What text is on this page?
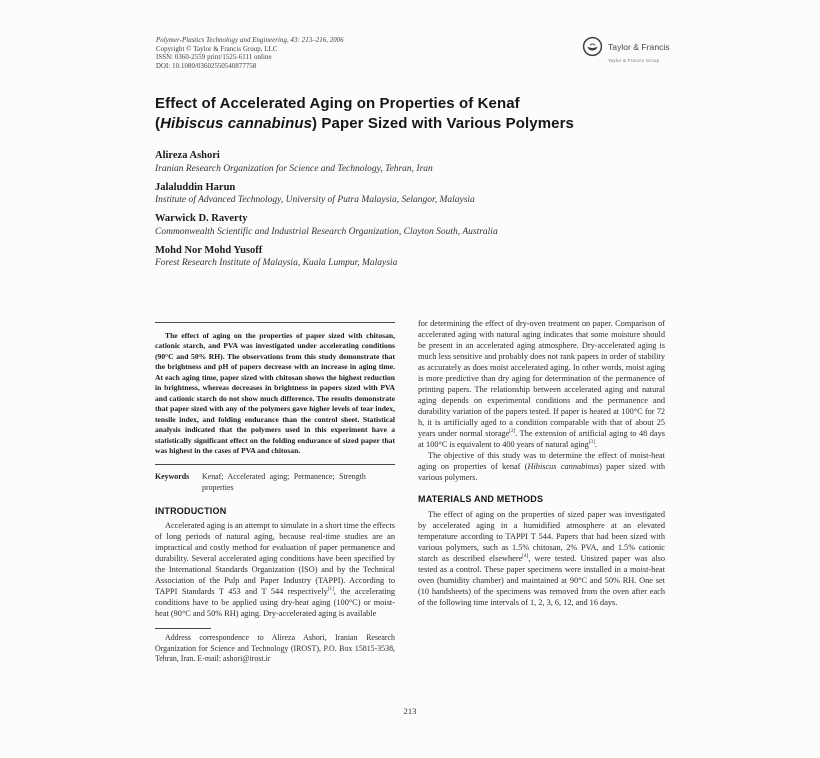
Polymer-Plastics Technology and Engineering, 43: 213–216, 2006
Copyright © Taylor & Francis Group, LLC
ISSN: 0360-2559 print/1525-6111 online
DOI: 10.1080/03602550540877758
Taylor & Francis
Taylor & Francis Group
Effect of Accelerated Aging on Properties of Kenaf
(Hibiscus cannabinus) Paper Sized with Various Polymers
Alireza Ashori
Iranian Research Organization for Science and Technology, Tehran, Iran
Jalaluddin Harun
Institute of Advanced Technology, University of Putra Malaysia, Selangor, Malaysia
Warwick D. Raverty
Commonwealth Scientific and Industrial Research Organization, Clayton South, Australia
Mohd Nor Mohd Yusoff
Forest Research Institute of Malaysia, Kuala Lumpur, Malaysia

The effect of aging on the properties of paper sized with chitosan, cationic starch, and PVA was investigated under accelerating conditions (90°C and 50% RH). The observations from this study demonstrate that the brightness and pH of papers decrease with an increase in aging time. At each aging time, paper sized with chitosan shows the highest reduction in brightness, whereas decreases in brightness in papers sized with PVA and cationic starch do not show much difference. The results demonstrate that paper sized with any of the polymers gave higher levels of tear index, tensile index, and folding endurance than the control sheet. Statistical analysis indicated that the polymers used in this experiment have a statistically significant effect on the folding endurance of sized paper that was highest in the cases of PVA and chitosan.

Keywords Kenaf; Accelerated aging; Permanence; Strength properties
INTRODUCTION

Accelerated aging is an attempt to simulate in a short time the effects of long periods of natural aging, because real-time studies are an impractical and costly method for evaluation of paper permanence and durability. Several accelerated aging conditions have been specified by the International Standards Organization (ISO) and by the Technical Association of the Pulp and Paper Industry (TAPPI). According to TAPPI Standards T 453 and T 544 respectively[1], the accelerating conditions have to be applied using dry-heat aging (100°C) or moist-heat (90°C and 50% RH) aging. Dry-accelerated aging is available

Address correspondence to Alireza Ashori, Iranian Research Organization for Science and Technology (IROST), P.O. Box 15815-3538, Tehran, Iran. E-mail: ashori@irost.ir

for determining the effect of dry-oven treatment on paper. Comparison of accelerated aging with natural aging indicates that some moisture should be present in an accelerated aging atmosphere. Dry-accelerated aging is much less sensitive and probably does not rank papers in order of stability as accurately as does moist accelerated aging. In other words, moist aging is more predictive than dry aging for determination of the permanence of printing papers. The relationship between accelerated aging and natural aging depends on experimental conditions and the permanence and durability variation of the papers tested. If paper is heated at 100°C for 72 h, it is artificially aged to a condition comparable with that of about 25 years under normal storage[2]. The extension of artificial aging to 48 days at 100°C is equivalent to 400 years of natural aging[3].

The objective of this study was to determine the effect of moist-heat aging on properties of kenaf (Hibiscus cannabinus) paper sized with various polymers.

MATERIALS AND METHODS

The effect of aging on the properties of sized paper was investigated by accelerated aging in a humidified atmosphere at an elevated temperature according to TAPPI T 544. Papers that had been sized with various polymers, such as 1.5% chitosan, 2% PVA, and 1.5% cationic starch as described elsewhere[4], were tested. Unsized paper was also tested as a control. These paper specimens were installed in a moist-heat oven (humidity chamber) and maintained at 90°C and 50% RH. One set (10 handsheets) of the specimens was removed from the oven after each of the following time intervals of 1, 2, 3, 6, 12, and 16 days.

213
